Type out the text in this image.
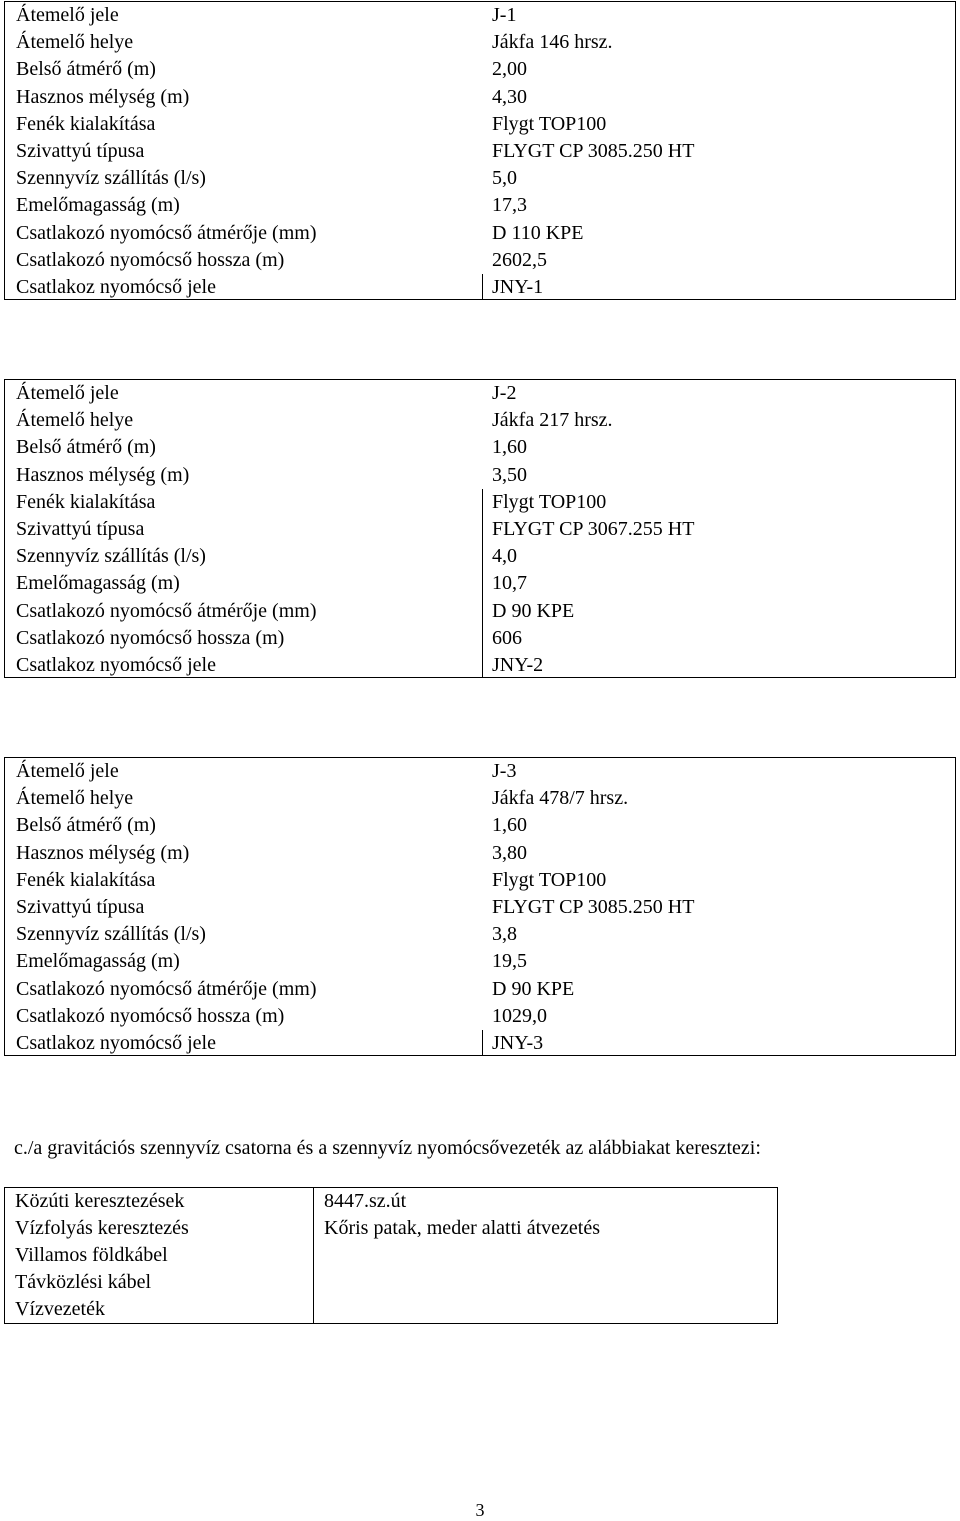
Átemelő jele	J-1
Átemelő helye	Jákfa 146 hrsz.
Belső átmérő (m)	2,00
Hasznos mélység (m)	4,30
Fenék kialakítása	Flygt TOP100
Szivattyú típusa	FLYGT CP 3085.250 HT
Szennyvíz szállítás (l/s)	5,0
Emelőmagasság (m)	17,3
Csatlakozó nyomócső átmérője (mm)	D 110 KPE
Csatlakozó nyomócső hossza (m)	2602,5
Csatlakoz nyomócső jele	JNY-1
Átemelő jele	J-2
Átemelő helye	Jákfa 217 hrsz.
Belső átmérő (m)	1,60
Hasznos mélység (m)	3,50
Fenék kialakítása	Flygt TOP100
Szivattyú típusa	FLYGT CP 3067.255 HT
Szennyvíz szállítás (l/s)	4,0
Emelőmagasság (m)	10,7
Csatlakozó nyomócső átmérője (mm)	D 90 KPE
Csatlakozó nyomócső hossza (m)	606
Csatlakoz nyomócső jele	JNY-2
Átemelő jele	J-3
Átemelő helye	Jákfa 478/7 hrsz.
Belső átmérő (m)	1,60
Hasznos mélység (m)	3,80
Fenék kialakítása	Flygt TOP100
Szivattyú típusa	FLYGT CP 3085.250 HT
Szennyvíz szállítás (l/s)	3,8
Emelőmagasság (m)	19,5
Csatlakozó nyomócső átmérője (mm)	D 90 KPE
Csatlakozó nyomócső hossza (m)	1029,0
Csatlakoz nyomócső jele	JNY-3
c./a gravitációs szennyvíz csatorna és a szennyvíz nyomócsővezeték az alábbiakat keresztezi:
Közúti keresztezések	8447.sz.út
Vízfolyás keresztezés	Kőris patak, meder alatti átvezetés
Villamos földkábel	
Távközlési kábel	
Vízvezeték	
3
